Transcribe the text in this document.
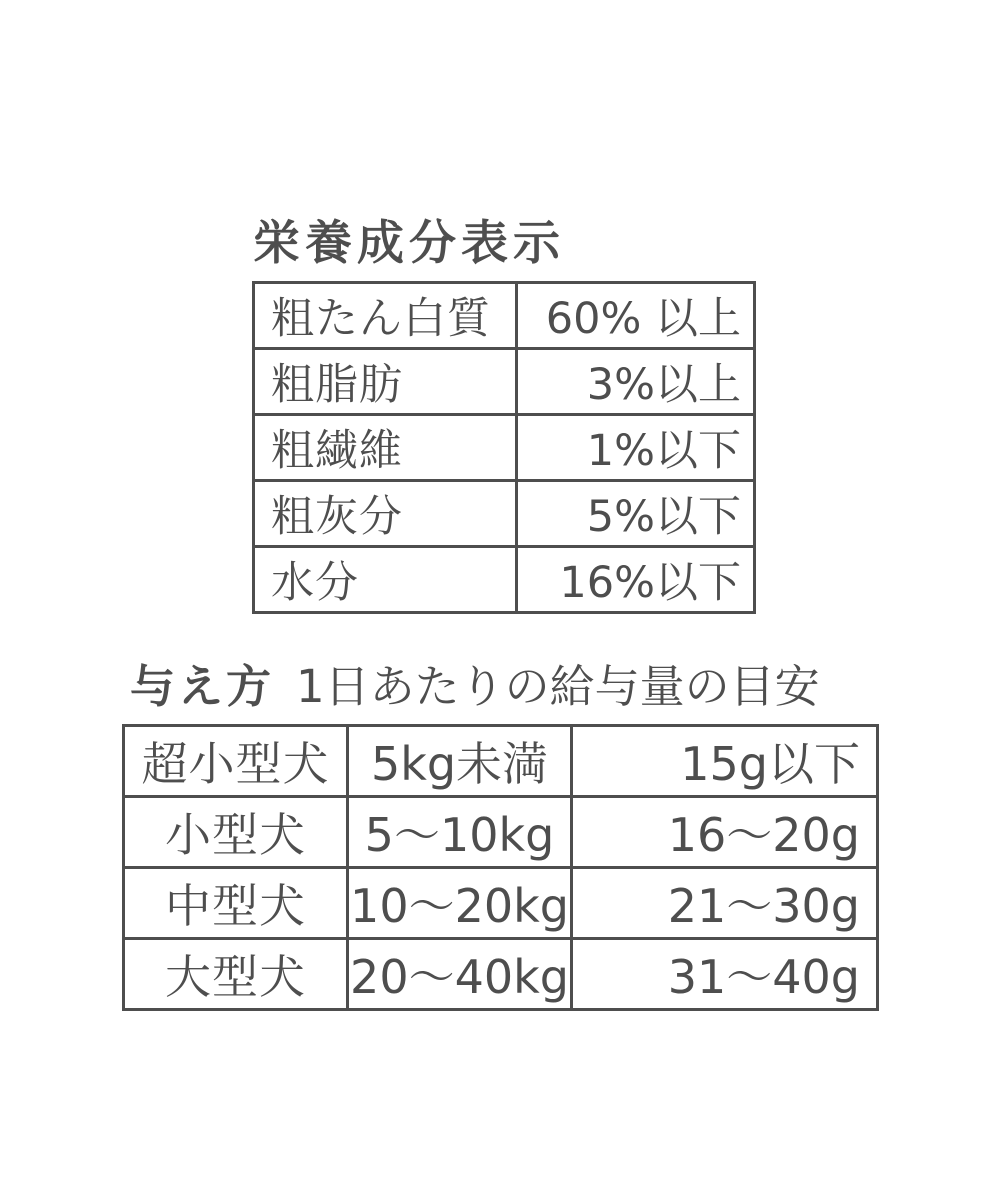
栄養成分表示
粗たん白質	60% 以上
粗脂肪	3%以上
粗繊維	1%以下
粗灰分	5%以下
水分	16%以下
与え方 1日あたりの給与量の目安
超小型犬	5kg未満	15g以下
小型犬	5〜10kg	16〜20g
中型犬	10〜20kg	21〜30g
大型犬	20〜40kg	31〜40g
